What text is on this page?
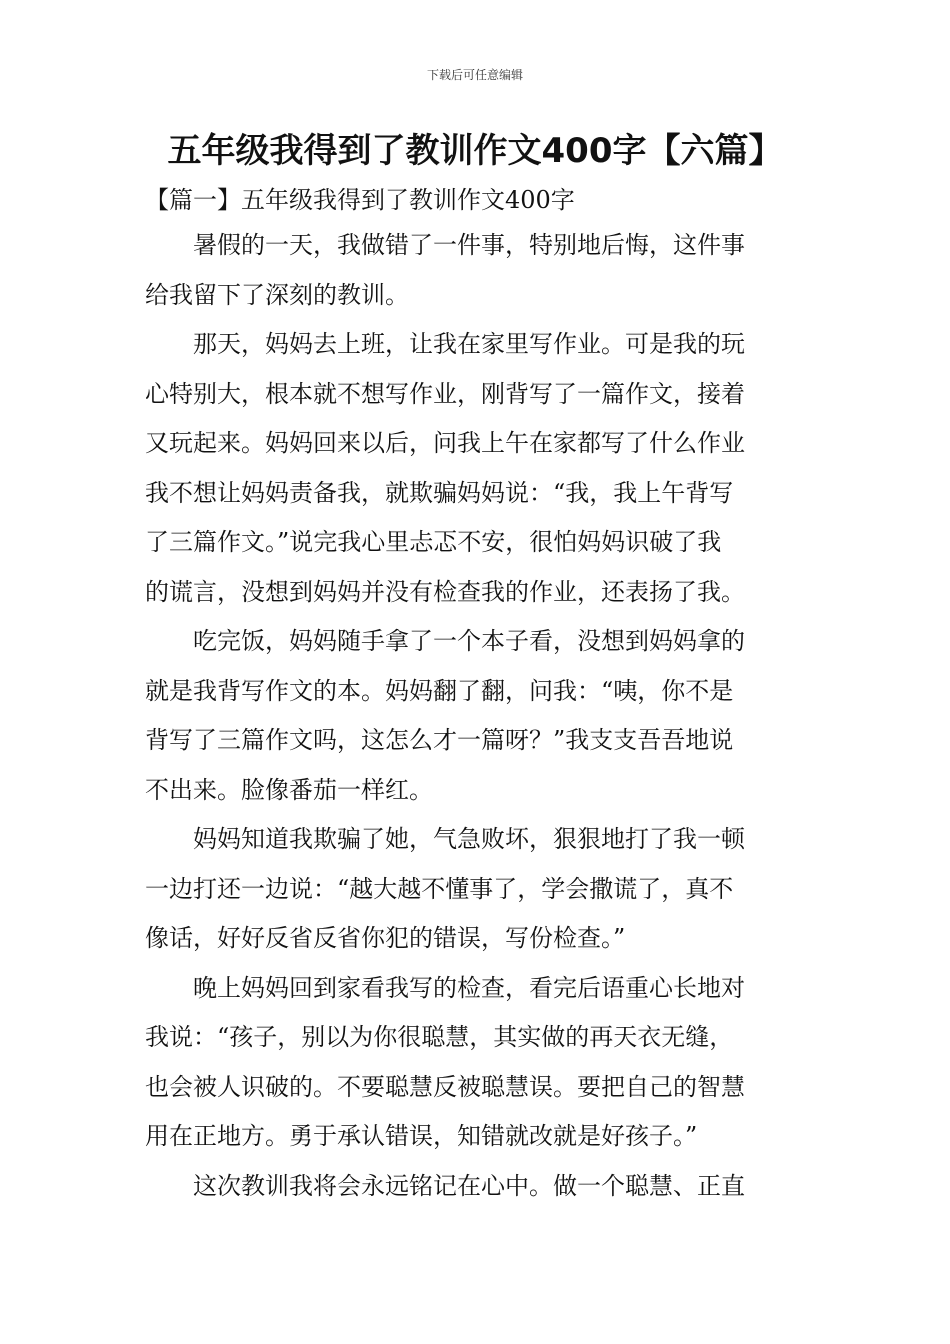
下载后可任意编辑
五年级我得到了教训作文400字【六篇】
【篇一】五年级我得到了教训作文400字

　　暑假的一天，我做错了一件事，特别地后悔，这件事
给我留下了深刻的教训。

　　那天，妈妈去上班，让我在家里写作业。可是我的玩
心特别大，根本就不想写作业，刚背写了一篇作文，接着
又玩起来。妈妈回来以后，问我上午在家都写了什么作业
我不想让妈妈责备我，就欺骗妈妈说：“我，我上午背写
了三篇作文。”说完我心里忐忑不安，很怕妈妈识破了我
的谎言，没想到妈妈并没有检查我的作业，还表扬了我。

　　吃完饭，妈妈随手拿了一个本子看，没想到妈妈拿的
就是我背写作文的本。妈妈翻了翻，问我：“咦，你不是
背写了三篇作文吗，这怎么才一篇呀？”我支支吾吾地说
不出来。脸像番茄一样红。

　　妈妈知道我欺骗了她，气急败坏，狠狠地打了我一顿
一边打还一边说：“越大越不懂事了，学会撒谎了，真不
像话，好好反省反省你犯的错误，写份检查。”

　　晚上妈妈回到家看我写的检查，看完后语重心长地对
我说：“孩子，别以为你很聪慧，其实做的再天衣无缝，
也会被人识破的。不要聪慧反被聪慧误。要把自己的智慧
用在正地方。勇于承认错误，知错就改就是好孩子。”

　　这次教训我将会永远铭记在心中。做一个聪慧、正直
